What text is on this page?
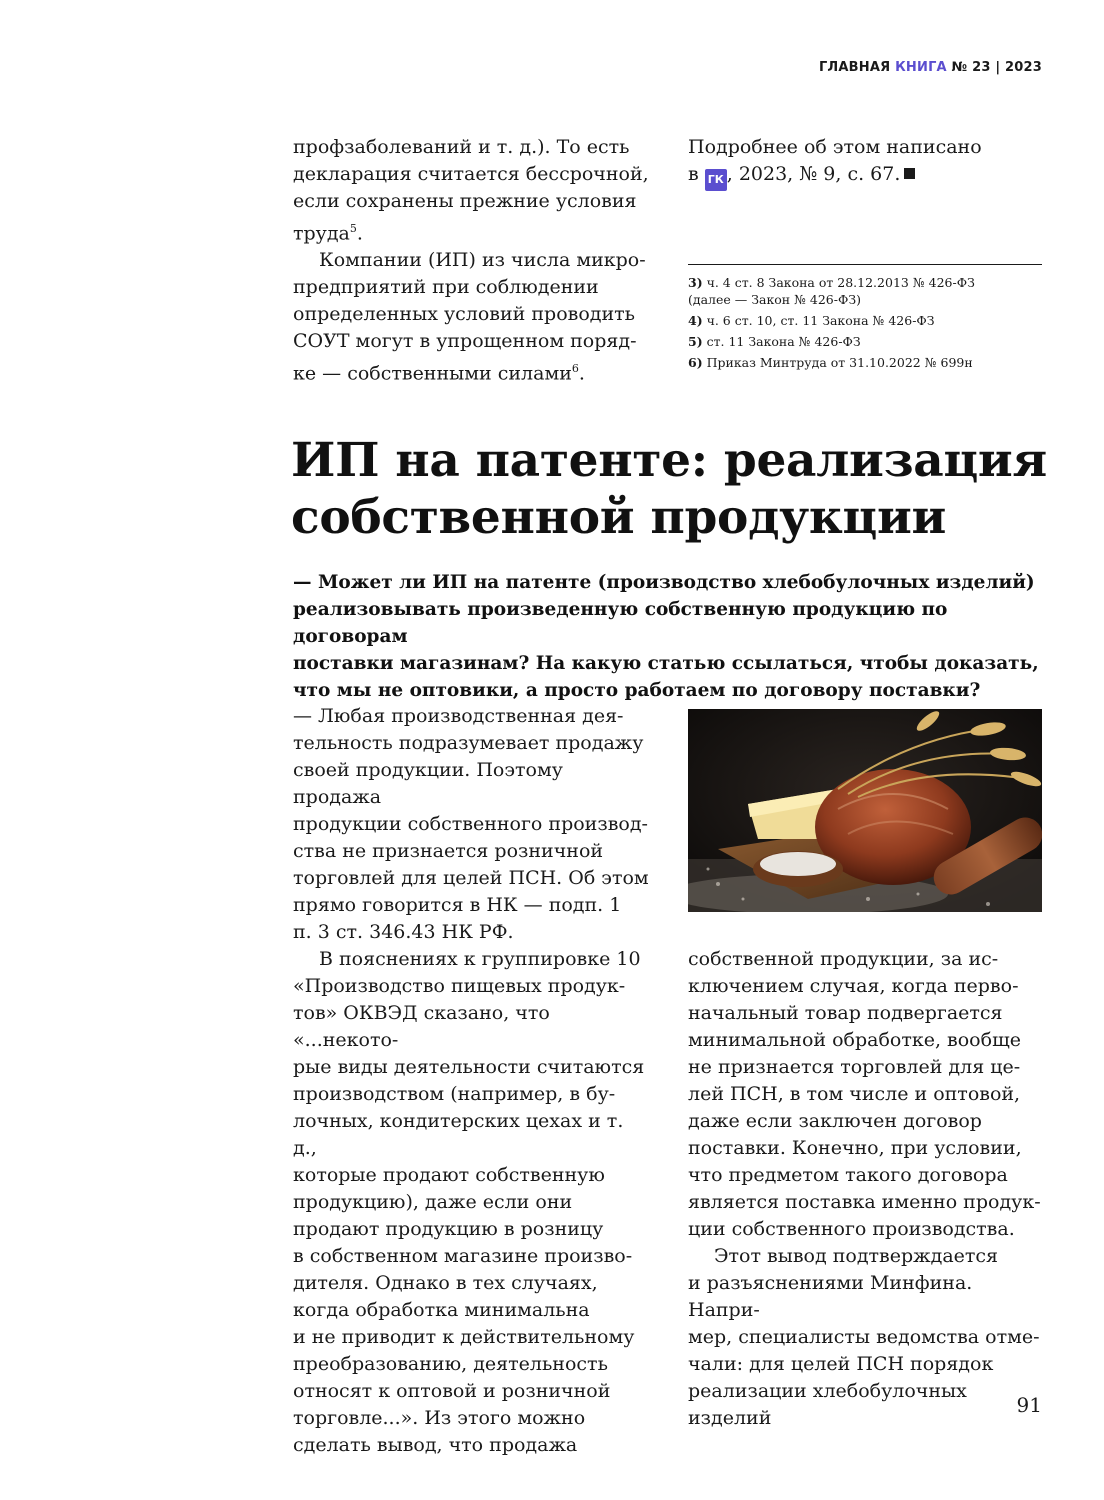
ГЛАВНАЯ КНИГА № 23 | 2023

профзаболеваний и т. д.). То есть
декларация считается бессрочной,
если сохранены прежние условия
труда$^5$.

Компании (ИП) из числа микро-
предприятий при соблюдении
определенных условий проводить
СОУТ могут в упрощенном поряд-
ке — собственными силами$^6$.

Подробнее об этом написано

в ГК , 2023, № 9, с. 67.

3) ч. 4 ст. 8 Закона от 28.12.2013 № 426-ФЗ
(далее — Закон № 426-ФЗ)
4) ч. 6 ст. 10, ст. 11 Закона № 426-ФЗ
5) ст. 11 Закона № 426-ФЗ
6) Приказ Минтруда от 31.10.2022 № 699н
ИП на патенте: реализация
собственной продукции
— Может ли ИП на патенте (производство хлебобулочных изделий)
реализовывать произведенную собственную продукцию по договорам
поставки магазинам? На какую статью ссылаться, чтобы доказать,
что мы не оптовики, а просто работаем по договору поставки?

— Любая производственная дея-
тельность подразумевает продажу
своей продукции. Поэтому продажа
продукции собственного производ-
ства не признается розничной
торговлей для целей ПСН. Об этом
прямо говорится в НК — подп. 1
п. 3 ст. 346.43 НК РФ.

В пояснениях к группировке 10
«Производство пищевых продук-
тов» ОКВЭД сказано, что «...некото-
рые виды деятельности считаются
производством (например, в бу-
лочных, кондитерских цехах и т. д.,
которые продают собственную
продукцию), даже если они
продают продукцию в розницу
в собственном магазине произво-
дителя. Однако в тех случаях,
когда обработка минимальна
и не приводит к действительному
преобразованию, деятельность
относят к оптовой и розничной
торговле...». Из этого можно
сделать вывод, что продажа

собственной продукции, за ис-
ключением случая, когда перво-
начальный товар подвергается
минимальной обработке, вообще
не признается торговлей для це-
лей ПСН, в том числе и оптовой,
даже если заключен договор
поставки. Конечно, при условии,
что предметом такого договора
является поставка именно продук-
ции собственного производства.

Этот вывод подтверждается
и разъяснениями Минфина. Напри-
мер, специалисты ведомства отме-
чали: для целей ПСН порядок
реализации хлебобулочных изделий

91
